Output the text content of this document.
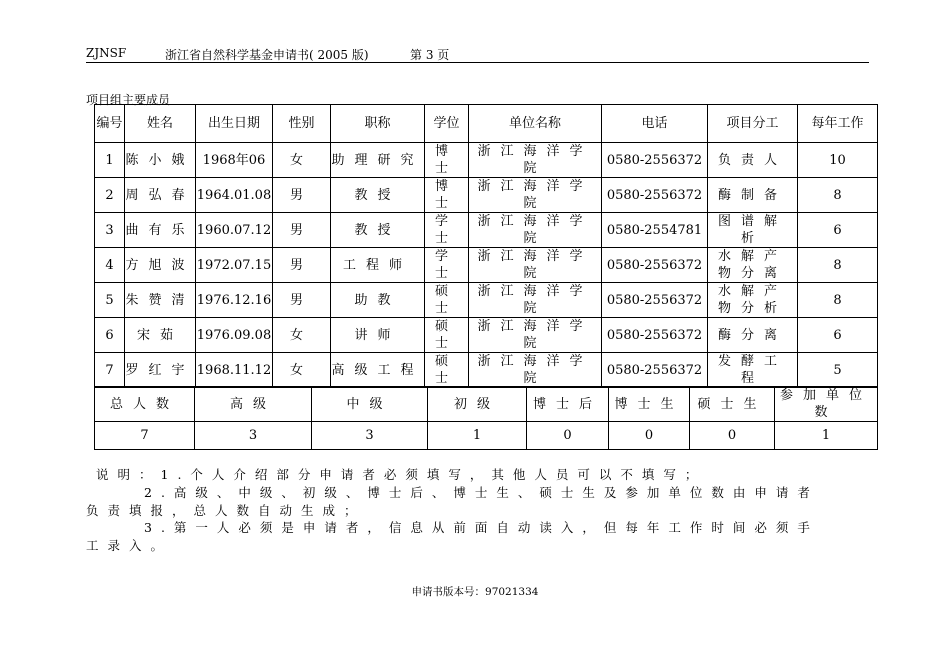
ZJNSF	浙江省自然科学基金申请书( 2005 版)	第 3 页
项目组主要成员
编号	姓名	出生日期	性别	职称	学位	单位名称	电话	项目分工	每年工作
1	陈小娥	1968年06	女	助理研究	博士	浙江海洋学院	0580-2556372	负责人	10
2	周弘春	1964.01.08	男	教授	博士	浙江海洋学院	0580-2556372	酶制备	8
3	曲有乐	1960.07.12	男	教授	学士	浙江海洋学院	0580-2554781	图谱解析	6
4	方旭波	1972.07.15	男	工程师	学士	浙江海洋学院	0580-2556372	水解产物分离	8
5	朱赞清	1976.12.16	男	助教	硕士	浙江海洋学院	0580-2556372	水解产物分析	8
6	宋茹	1976.09.08	女	讲师	硕士	浙江海洋学院	0580-2556372	酶分离	6
7	罗红宇	1968.11.12	女	高级工程	硕士	浙江海洋学院	0580-2556372	发酵工程	5
总人数	高级	中级	初级	博士后	博士生	硕士生	参加单位数
7	3	3	1	0	0	0	1
说明：1.个人介绍部分申请者必须填写，其他人员可以不填写；
2.高级、中级、初级、博士后、博士生、硕士生及参加单位数由申请者
负责填报，总人数自动生成；
3.第一人必须是申请者，信息从前面自动读入，但每年工作时间必须手
工录入。
申请书版本号：97021334
